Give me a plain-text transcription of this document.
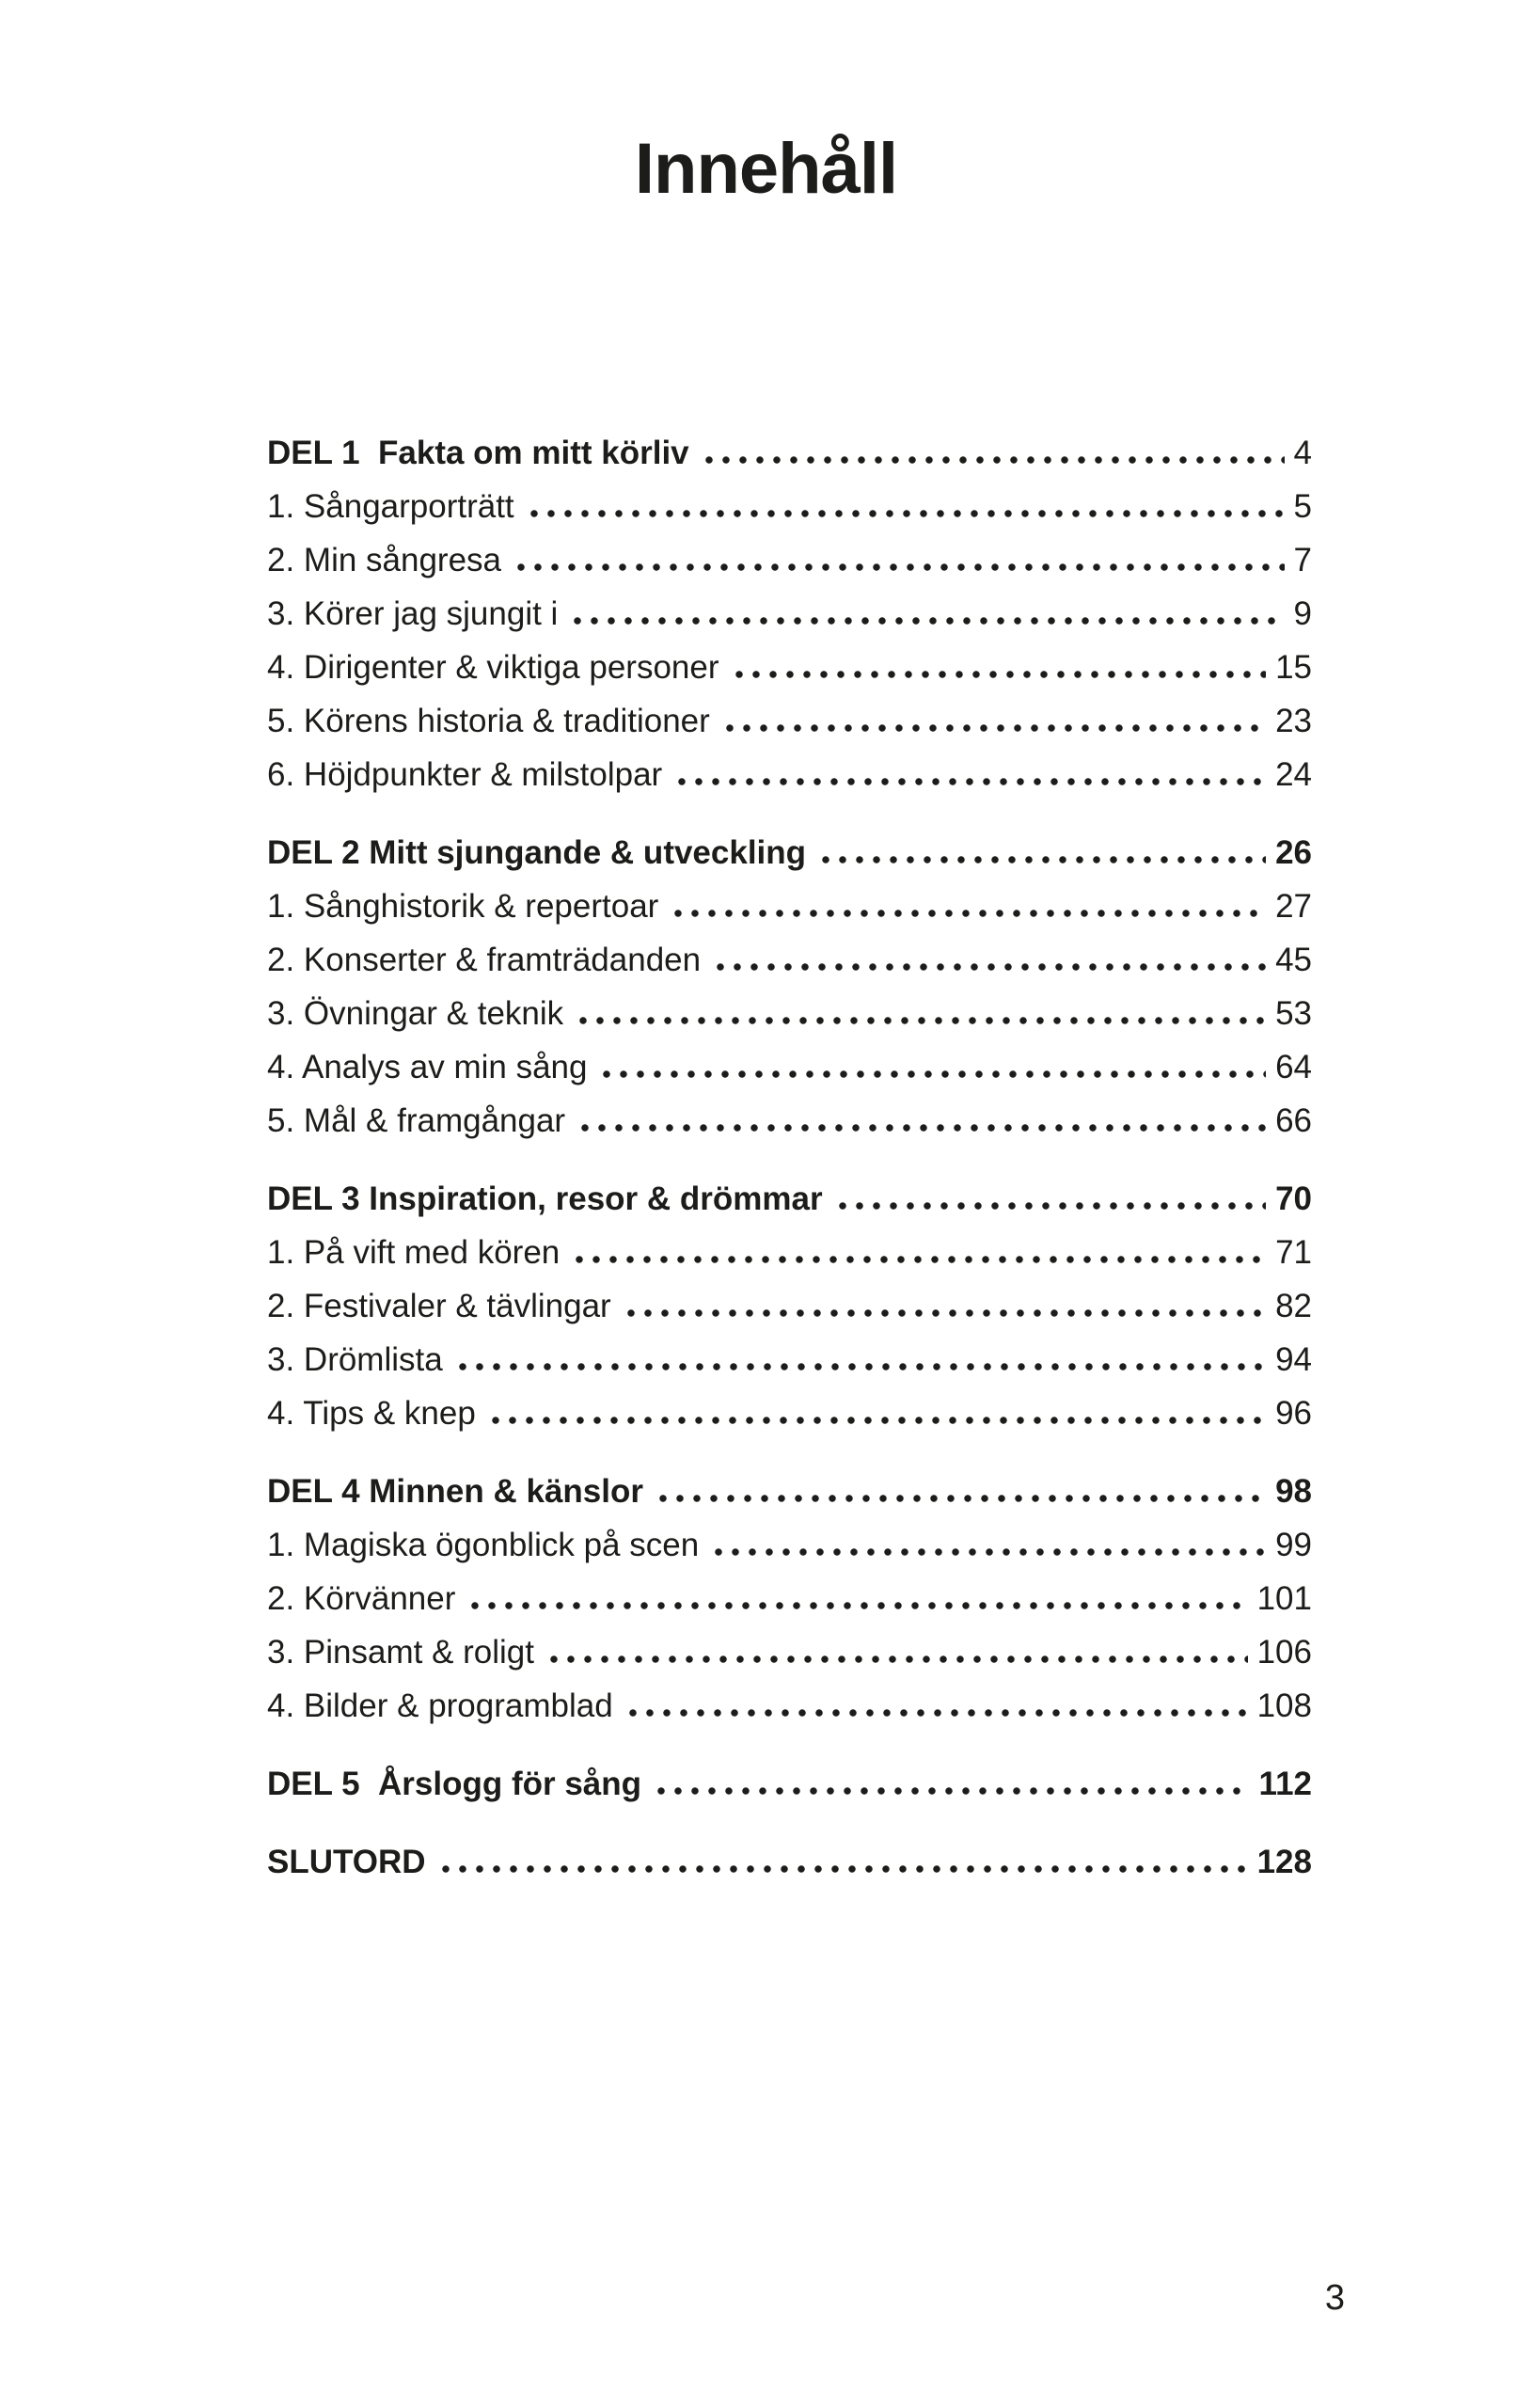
Innehåll
DEL 1  Fakta om mitt körliv	4
1. Sångarporträtt	5
2. Min sångresa	7
3. Körer jag sjungit i	9
4. Dirigenter & viktiga personer	15
5. Körens historia & traditioner	23
6. Höjdpunkter & milstolpar	24
DEL 2 Mitt sjungande & utveckling	26
1. Sånghistorik & repertoar	27
2. Konserter & framträdanden	45
3. Övningar & teknik	53
4. Analys av min sång	64
5. Mål & framgångar	66
DEL 3 Inspiration, resor & drömmar	70
1. På vift med kören	71
2. Festivaler & tävlingar	82
3. Drömlista	94
4. Tips & knep	96
DEL 4 Minnen & känslor	98
1. Magiska ögonblick på scen	99
2. Körvänner	101
3. Pinsamt & roligt	106
4. Bilder & programblad	108
DEL 5  Årslogg för sång	112
SLUTORD	128
3
